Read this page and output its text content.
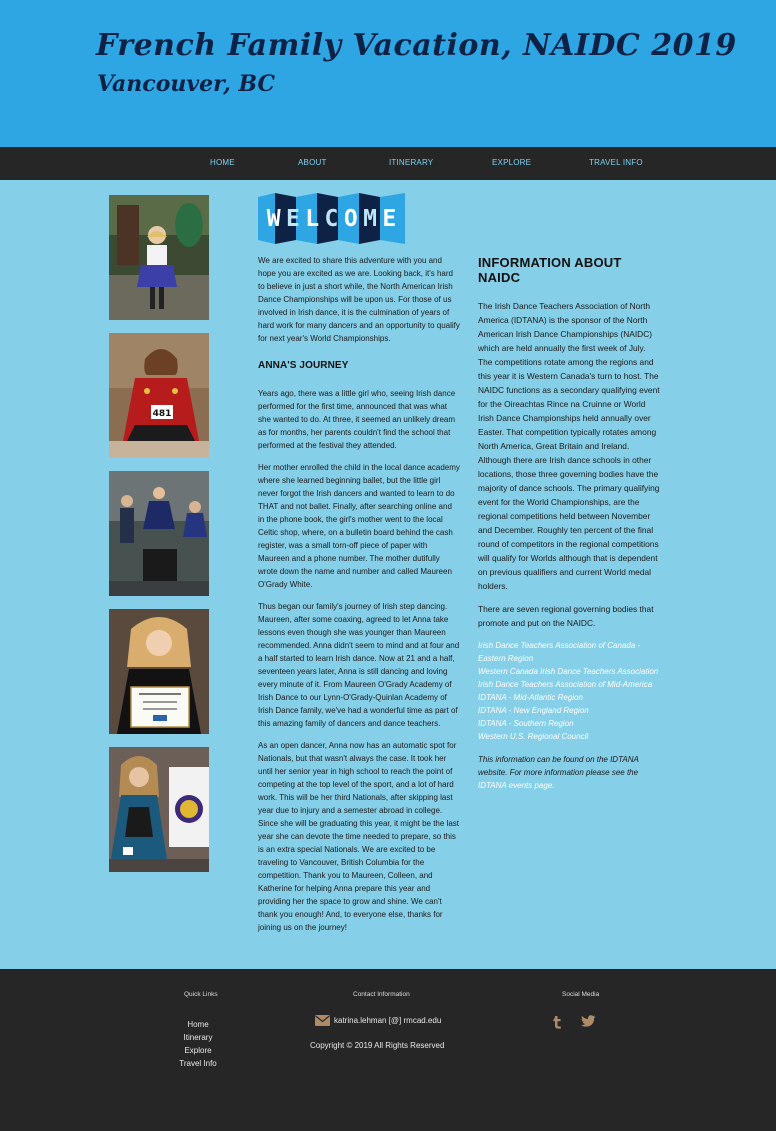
French Family Vacation, NAIDC 2019
Vancouver, BC
HOME	ABOUT	ITINERARY	EXPLORE	TRAVEL INFO
481
W E L C O M E

We are excited to share this adventure with you and hope you are excited as we are. Looking back, it's hard to believe in just a short while, the North American Irish Dance Championships will be upon us. For those of us involved in Irish dance, it is the culmination of years of hard work for many dancers and an opportunity to qualify for next year's World Championships.

ANNA'S JOURNEY

Years ago, there was a little girl who, seeing Irish dance performed for the first time, announced that was what she wanted to do. At three, it seemed an unlikely dream as for months, her parents couldn't find the school that performed at the festival they attended.

Her mother enrolled the child in the local dance academy where she learned beginning ballet, but the little girl never forgot the Irish dancers and wanted to learn to do THAT and not ballet. Finally, after searching online and in the phone book, the girl's mother went to the local Celtic shop, where, on a bulletin board behind the cash register, was a small torn-off piece of paper with Maureen and a phone number. The mother dutifully wrote down the name and number and called Maureen O'Grady White.

Thus began our family's journey of Irish step dancing. Maureen, after some coaxing, agreed to let Anna take lessons even though she was younger than Maureen recommended. Anna didn't seem to mind and at four and a half started to learn Irish dance. Now at 21 and a half, seventeen years later, Anna is still dancing and loving every minute of it. From Maureen O'Grady Academy of Irish Dance to our Lynn-O'Grady-Quinlan Academy of Irish Dance family, we've had a wonderful time as part of this amazing family of dancers and dance teachers.

As an open dancer, Anna now has an automatic spot for Nationals, but that wasn't always the case. It took her until her senior year in high school to reach the point of competing at the top level of the sport, and a lot of hard work. This will be her third Nationals, after skipping last year due to injury and a semester abroad in college. Since she will be graduating this year, it might be the last year she can devote the time needed to prepare, so this is an extra special Nationals. We are excited to be traveling to Vancouver, British Columbia for the competition. Thank you to Maureen, Colleen, and Katherine for helping Anna prepare this year and providing her the space to grow and shine. We can't thank you enough! And, to everyone else, thanks for joining us on the journey!

INFORMATION ABOUT NAIDC

The Irish Dance Teachers Association of North America (IDTANA) is the sponsor of the North American Irish Dance Championships (NAIDC) which are held annually the first week of July. The competitions rotate among the regions and this year it is Western Canada's turn to host. The NAIDC functions as a secondary qualifying event for the Oireachtas Rince na Cruinne or World Irish Dance Championships held annually over Easter. That competition typically rotates among North America, Great Britain and Ireland. Although there are Irish dance schools in other locations, those three governing bodies have the majority of dance schools. The primary qualifying event for the World Championships, are the regional competitions held between November and December. Roughly ten percent of the final round of competitors in the regional competitions will qualify for Worlds although that is dependent on previous qualifiers and current World medal holders.

There are seven regional governing bodies that promote and put on the NAIDC.

Irish Dance Teachers Association of Canada - Eastern Region
Western Canada Irish Dance Teachers Association
Irish Dance Teachers Association of Mid-America
IDTANA - Mid-Atlantic Region
IDTANA - New England Region
IDTANA - Southern Region
Western U.S. Regional Council

This information can be found on the IDTANA website. For more information please see the IDTANA events page.

Quick Links
Home
Itinerary
Explore
Travel Info
Contact Information
katrina.lehman [@] rmcad.edu
Copyright © 2019 All Rights Reserved
Social Media
